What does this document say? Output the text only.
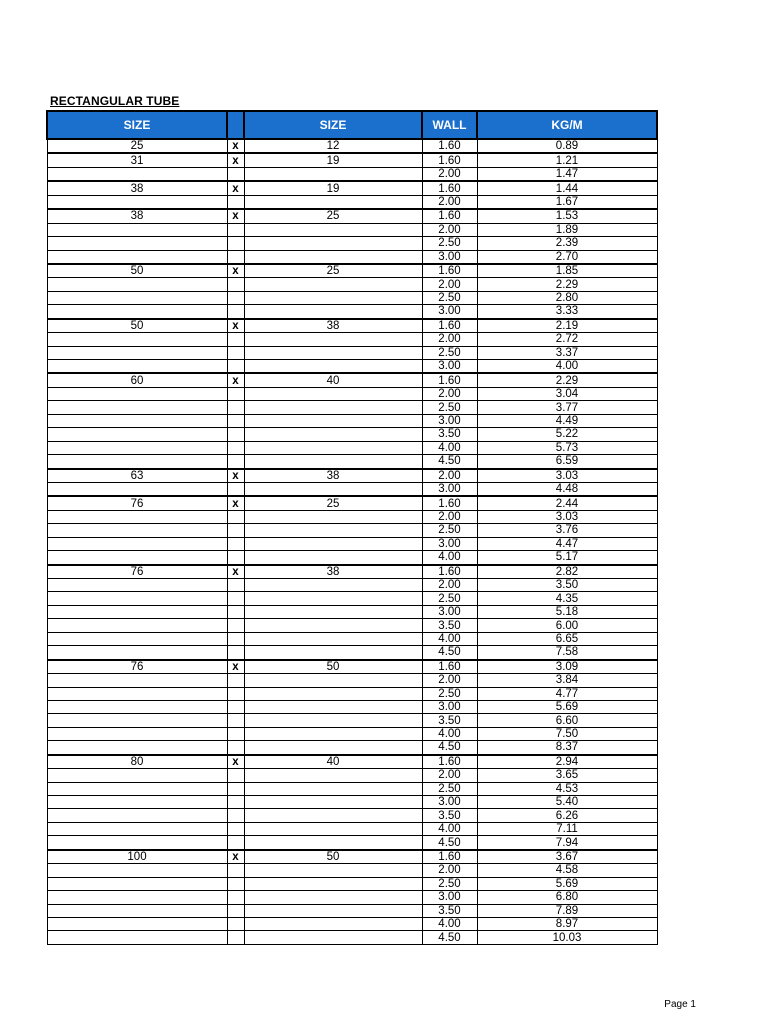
RECTANGULAR TUBE
SIZE		SIZE	WALL	KG/M
25	x	12	1.60	0.89
31	x	19	1.60	1.21
			2.00	1.47
38	x	19	1.60	1.44
			2.00	1.67
38	x	25	1.60	1.53
			2.00	1.89
			2.50	2.39
			3.00	2.70
50	x	25	1.60	1.85
			2.00	2.29
			2.50	2.80
			3.00	3.33
50	x	38	1.60	2.19
			2.00	2.72
			2.50	3.37
			3.00	4.00
60	x	40	1.60	2.29
			2.00	3.04
			2.50	3.77
			3.00	4.49
			3.50	5.22
			4.00	5.73
			4.50	6.59
63	x	38	2.00	3.03
			3.00	4.48
76	x	25	1.60	2.44
			2.00	3.03
			2.50	3.76
			3.00	4.47
			4.00	5.17
76	x	38	1.60	2.82
			2.00	3.50
			2.50	4.35
			3.00	5.18
			3.50	6.00
			4.00	6.65
			4.50	7.58
76	x	50	1.60	3.09
			2.00	3.84
			2.50	4.77
			3.00	5.69
			3.50	6.60
			4.00	7.50
			4.50	8.37
80	x	40	1.60	2.94
			2.00	3.65
			2.50	4.53
			3.00	5.40
			3.50	6.26
			4.00	7.11
			4.50	7.94
100	x	50	1.60	3.67
			2.00	4.58
			2.50	5.69
			3.00	6.80
			3.50	7.89
			4.00	8.97
			4.50	10.03
Page 1
